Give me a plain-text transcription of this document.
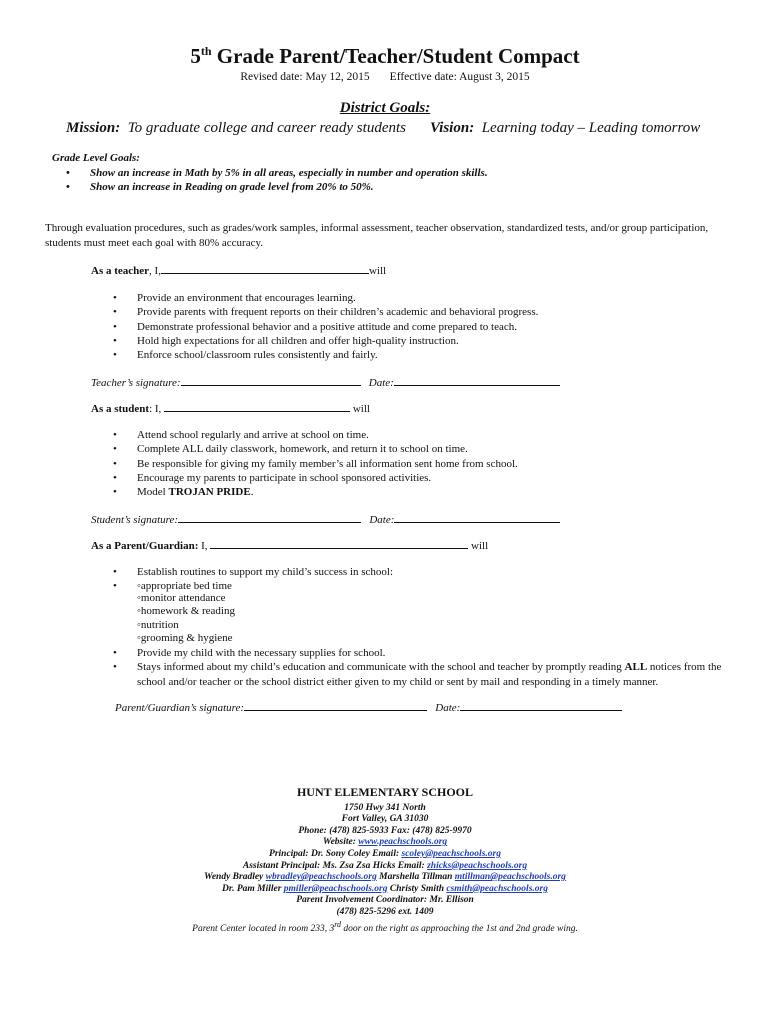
5th Grade Parent/Teacher/Student Compact
Revised date: May 12, 2015 Effective date: August 3, 2015
District Goals:
Mission: To graduate college and career ready students Vision: Learning today – Leading tomorrow
Grade Level Goals:
• Show an increase in Math by 5% in all areas, especially in number and operation skills.
• Show an increase in Reading on grade level from 20% to 50%.
Through evaluation procedures, such as grades/work samples, informal assessment, teacher observation, standardized tests, and/or group participation, students must meet each goal with 80% accuracy.
As a teacher, I,	will
• Provide an environment that encourages learning.
• Provide parents with frequent reports on their children’s academic and behavioral progress.
• Demonstrate professional behavior and a positive attitude and come prepared to teach.
• Hold high expectations for all children and offer high-quality instruction.
• Enforce school/classroom rules consistently and fairly.
Teacher’s signature:	Date:
As a student: I,	will
• Attend school regularly and arrive at school on time.
• Complete ALL daily classwork, homework, and return it to school on time.
• Be responsible for giving my family member’s all information sent home from school.
• Encourage my parents to participate in school sponsored activities.
• Model TROJAN PRIDE.
Student’s signature:	Date:
As a Parent/Guardian: I,	will
• Establish routines to support my child’s success in school:
• ◦appropriate bed time
◦monitor attendance
◦homework & reading
◦nutrition
◦grooming & hygiene
• Provide my child with the necessary supplies for school.
• Stays informed about my child’s education and communicate with the school and teacher by promptly reading ALL notices from the school and/or teacher or the school district either given to my child or sent by mail and responding in a timely manner.
Parent/Guardian’s signature:	Date:
HUNT ELEMENTARY SCHOOL
1750 Hwy 341 North
Fort Valley, GA 31030
Phone: (478) 825-5933 Fax: (478) 825-9970
Website: www.peachschools.org
Principal: Dr. Sony Coley Email: scoley@peachschools.org
Assistant Principal: Ms. Zsa Zsa Hicks Email: zhicks@peachschools.org
Wendy Bradley wbradley@peachschools.org Marshella Tillman mtillman@peachschools.org
Dr. Pam Miller pmiller@peachschools.org Christy Smith csmith@peachschools.org
Parent Involvement Coordinator: Mr. Ellison
(478) 825-5296 ext. 1409
Parent Center located in room 233, 3rd door on the right as approaching the 1st and 2nd grade wing.
